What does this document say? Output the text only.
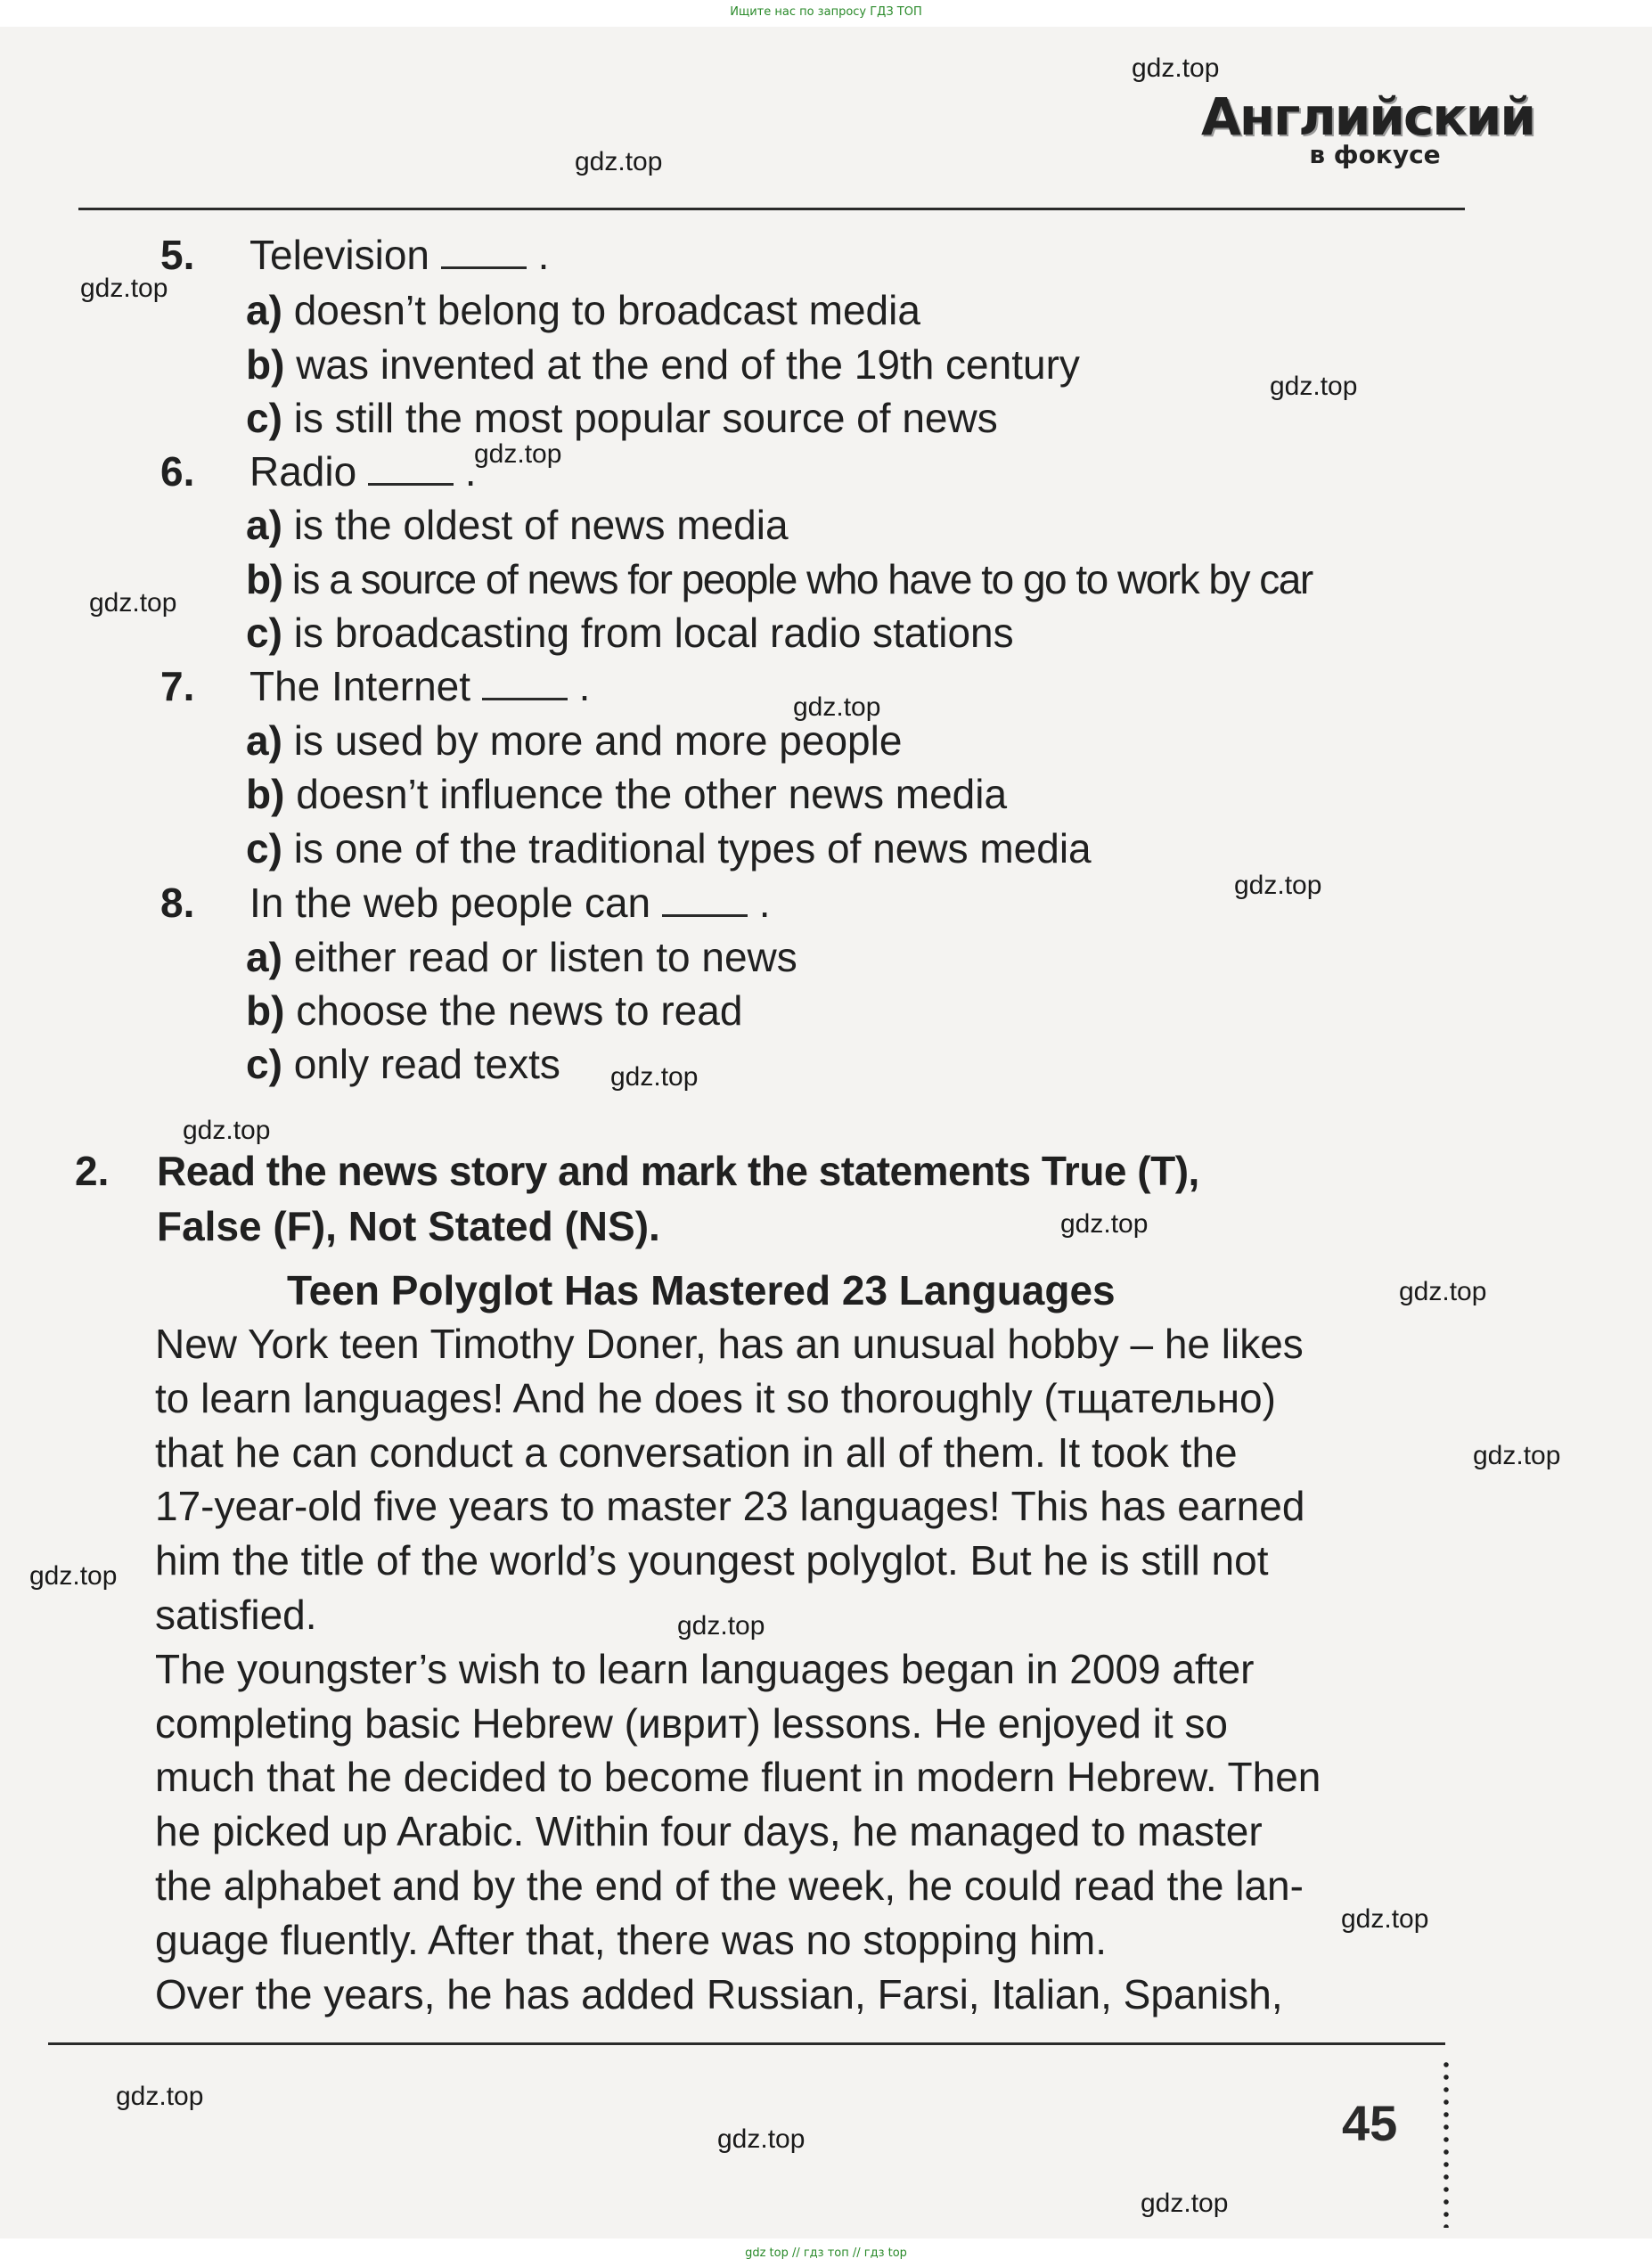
Ищите нас по запросу ГДЗ ТОП
Английский
в фокусе
5. Television	.
a) doesn’t belong to broadcast media
b) was invented at the end of the 19th century
c) is still the most popular source of news
6. Radio	.
a) is the oldest of news media
b) is a source of news for people who have to go to work by car
c) is broadcasting from local radio stations
7. The Internet	.
a) is used by more and more people
b) doesn’t influence the other news media
c) is one of the traditional types of news media
8. In the web people can	.
a) either read or listen to news
b) choose the news to read
c) only read texts
2. Read the news story and mark the statements True (T),
False (F), Not Stated (NS).
Teen Polyglot Has Mastered 23 Languages
New York teen Timothy Doner, has an unusual hobby – he likes
to learn languages! And he does it so thoroughly (тщательно)
that he can conduct a conversation in all of them. It took the
17-year-old five years to master 23 languages! This has earned
him the title of the world’s youngest polyglot. But he is still not
satisfied.
The youngster’s wish to learn languages began in 2009 after
completing basic Hebrew (иврит) lessons. He enjoyed it so
much that he decided to become fluent in modern Hebrew. Then
he picked up Arabic. Within four days, he managed to master
the alphabet and by the end of the week, he could read the lan-
guage fluently. After that, there was no stopping him.
Over the years, he has added Russian, Farsi, Italian, Spanish,
45
gdz.top
gdz.top
gdz.top
gdz.top
gdz.top
gdz.top
gdz.top
gdz.top
gdz.top
gdz.top
gdz.top
gdz.top
gdz.top
gdz.top
gdz.top
gdz.top
gdz.top
gdz.top
gdz.top
gdz top // гдз топ // гдз top
